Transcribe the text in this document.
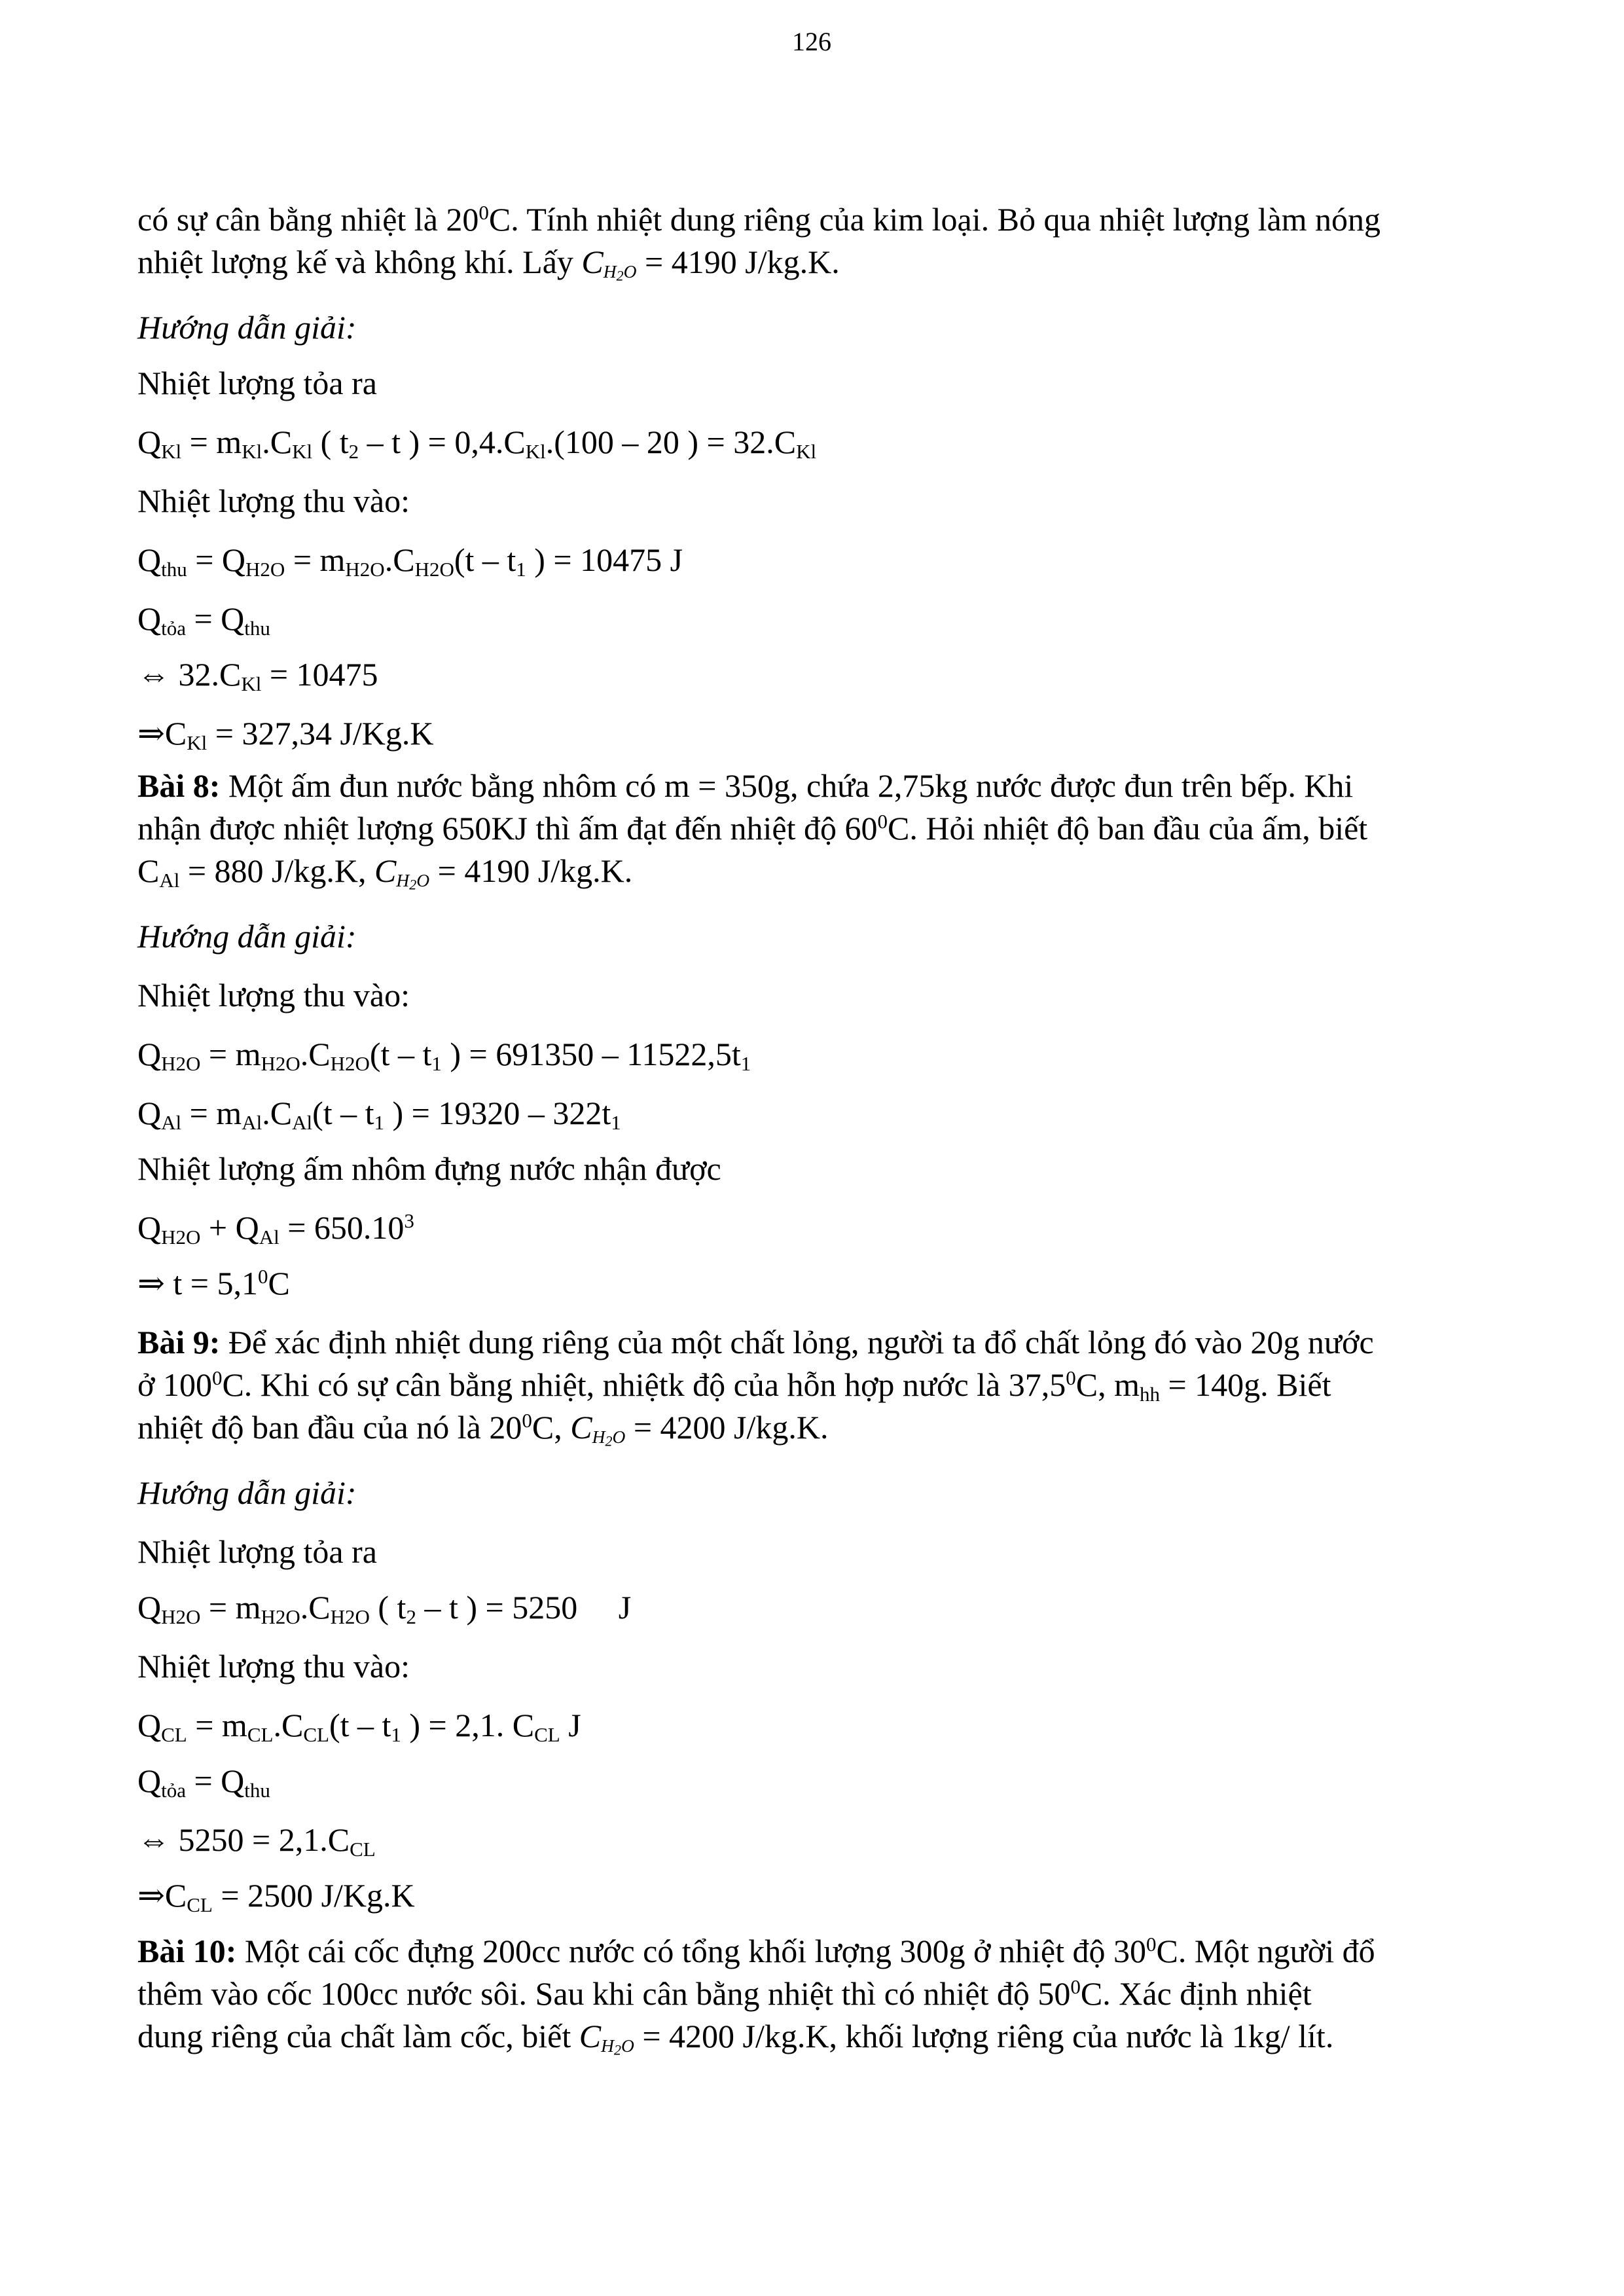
126
có sự cân bằng nhiệt là $20^0C$. Tính nhiệt dung riêng của kim loại. Bỏ qua nhiệt lượng làm nóng
nhiệt lượng kế và không khí. Lấy $C_{H_2O} = 4190$ J/kg.K.
Hướng dẫn giải:
Nhiệt lượng tỏa ra
$Q_{Kl} = m_{Kl}.C_{Kl}$ ( $t_2$ – t ) = $0,4.C_{Kl}.(100 - 20$ ) = $32.C_{Kl}$
Nhiệt lượng thu vào:
$Q_{thu} = Q_{H2O} = m_{H2O}.C_{H2O}(t - t_1$ ) = 10475 J
$Q_{tỏa} = Q_{thu}$
⇔ $32.C_{Kl} = 10475$
$\Rightarrow C_{Kl} = 327,34$ J/Kg.K
Bài 8: Một ấm đun nước bằng nhôm có m = 350g, chứa 2,75kg nước được đun trên bếp. Khi
nhận được nhiệt lượng 650KJ thì ấm đạt đến nhiệt độ $60^0C$. Hỏi nhiệt độ ban đầu của ấm, biết
$C_{Al} = 880$ J/kg.K, $C_{H_2O} = 4190$ J/kg.K.
Hướng dẫn giải:
Nhiệt lượng thu vào:
$Q_{H2O} = m_{H2O}.C_{H2O}(t - t_1$ ) = $691350 - 11522,5t_1$
$Q_{Al} = m_{Al}.C_{Al}(t - t_1$ ) = $19320 - 322t_1$
Nhiệt lượng ấm nhôm đựng nước nhận được
$Q_{H2O} + Q_{Al} = 650.10^3$
⇒ $t = 5,1^0C$
Bài 9: Để xác định nhiệt dung riêng của một chất lỏng, người ta đổ chất lỏng đó vào 20g nước
ở $100^0C$. Khi có sự cân bằng nhiệt, nhiệtk độ của hỗn hợp nước là 37,5$^0$C, $m_{hh} = 140g$. Biết
nhiệt độ ban đầu của nó là $20^0C$, $C_{H_2O} = 4200$ J/kg.K.
Hướng dẫn giải:
Nhiệt lượng tỏa ra
$Q_{H2O} = m_{H2O}.C_{H2O}$ ( $t_2$ – t ) = 5250     J
Nhiệt lượng thu vào:
$Q_{CL} = m_{CL}.C_{CL}(t - t_1$ ) = 2,1. $C_{CL}$ J
$Q_{tỏa} = Q_{thu}$
⇔ $5250 = 2,1.C_{CL}$
$\Rightarrow C_{CL} = 2500$ J/Kg.K
Bài 10: Một cái cốc đựng 200cc nước có tổng khối lượng 300g ở nhiệt độ $30^0C$. Một người đổ
thêm vào cốc 100cc nước sôi. Sau khi cân bằng nhiệt thì có nhiệt độ $50^0C$. Xác định nhiệt
dung riêng của chất làm cốc, biết $C_{H_2O} = 4200$ J/kg.K, khối lượng riêng của nước là 1kg/ lít.
